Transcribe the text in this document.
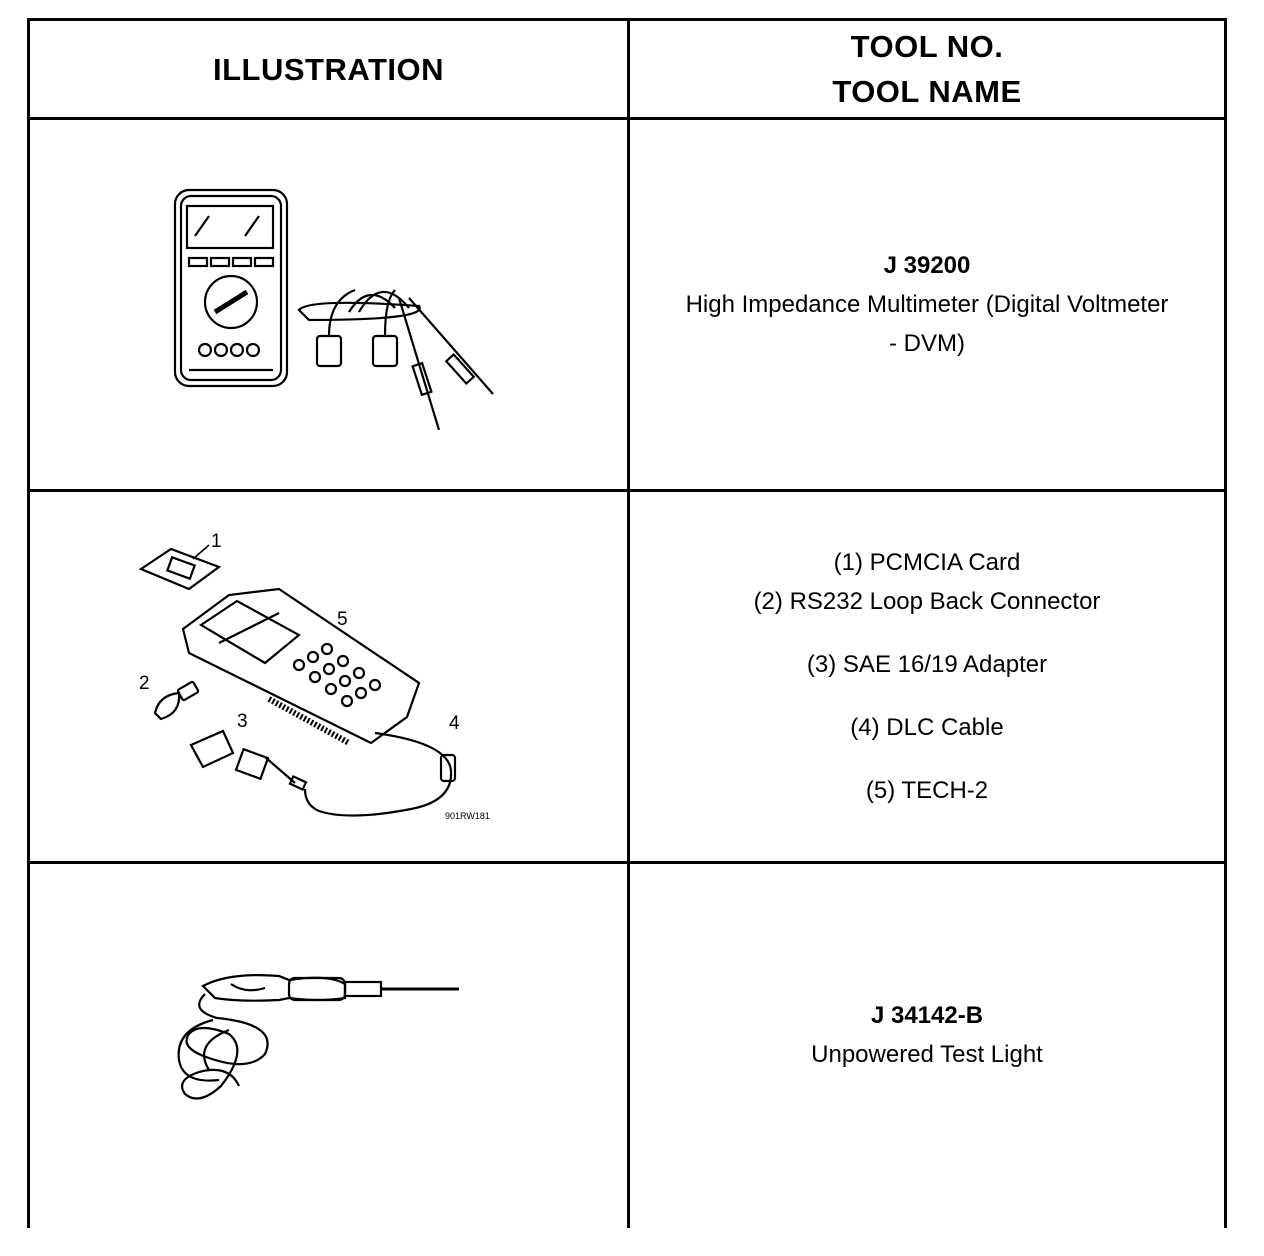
ILLUSTRATION
TOOL NO.
TOOL NAME
J 39200
High Impedance Multimeter (Digital Voltmeter
- DVM)
1
2
3	4
5
901RW181
(1) PCMCIA Card
(2) RS232 Loop Back Connector
(3) SAE 16/19 Adapter
(4) DLC Cable
(5) TECH-2
J 34142-B
Unpowered Test Light
